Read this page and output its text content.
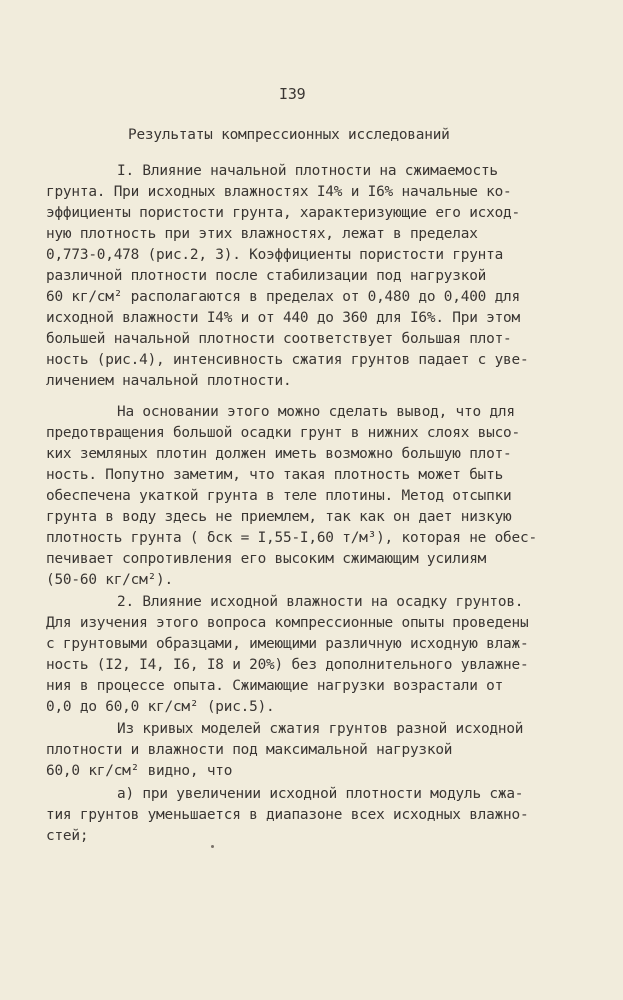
I39
Результаты компрессионных исследований
I. Влияние начальной плотности на сжимаемость
грунта. При исходных влажностях I4% и I6% начальные ко-
эффициенты пористости грунта, характеризующие его исход-
ную плотность при этих влажностях, лежат в пределах
0,773-0,478 (рис.2, 3). Коэффициенты пористости грунта
различной плотности после стабилизации под нагрузкой
60 кг/см² располагаются в пределах от 0,480 до 0,400 для
исходной влажности I4% и от 440 до 360 для I6%. При этом
большей начальной плотности соответствует большая плот-
ность (рис.4), интенсивность сжатия грунтов падает с уве-
личением начальной плотности.
На основании этого можно сделать вывод, что для
предотвращения большой осадки грунт в нижних слоях высо-
ких земляных плотин должен иметь возможно большую плот-
ность. Попутно заметим, что такая плотность может быть
обеспечена укаткой грунта в теле плотины. Метод отсыпки
грунта в воду здесь не приемлем, так как он дает низкую
плотность грунта ( δск = I,55-I,60 т/м³), которая не обес-
печивает сопротивления его высоким сжимающим усилиям
(50-60 кг/см²).
2. Влияние исходной влажности на осадку грунтов.
Для изучения этого вопроса компрессионные опыты проведены
с грунтовыми образцами, имеющими различную исходную влаж-
ность (I2, I4, I6, I8 и 20%) без дополнительного увлажне-
ния в процессе опыта. Сжимающие нагрузки возрастали от
0,0 до 60,0 кг/см² (рис.5).
Из кривых моделей сжатия грунтов разной исходной
плотности и влажности под максимальной нагрузкой
60,0 кг/см² видно, что
а) при увеличении исходной плотности модуль сжа-
тия грунтов уменьшается в диапазоне всех исходных влажно-
стей;
